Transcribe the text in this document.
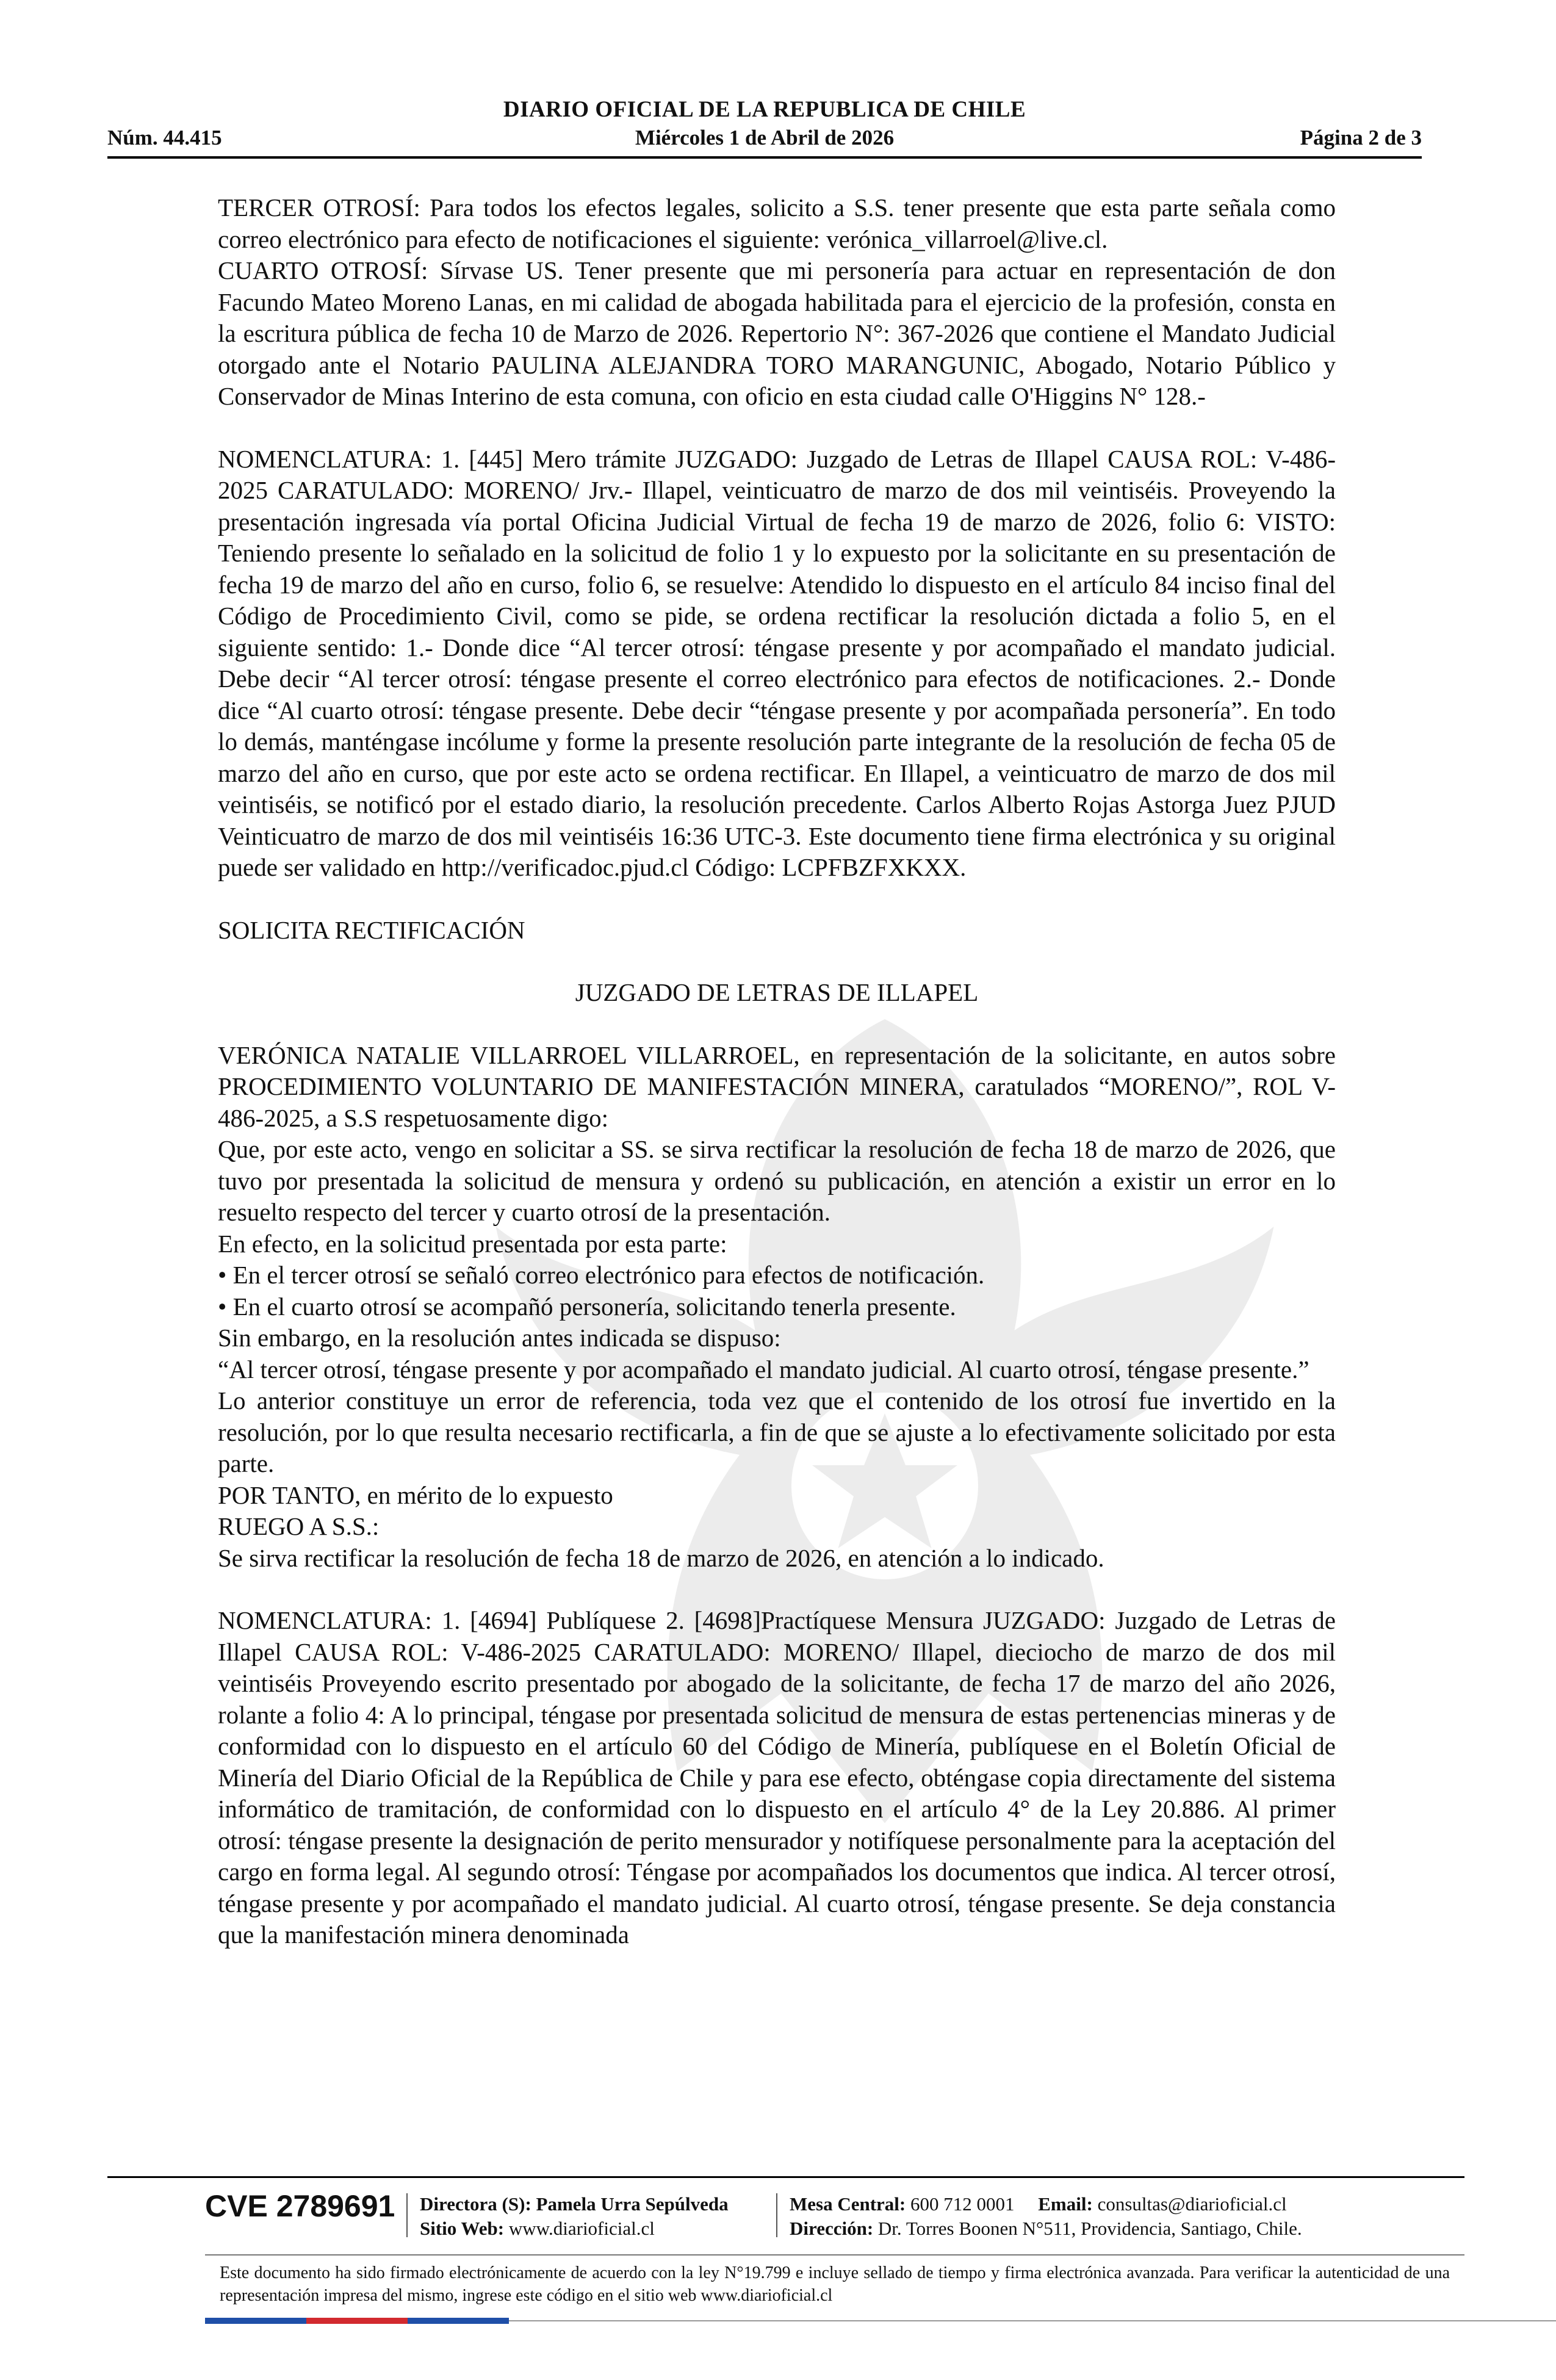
DIARIO OFICIAL DE LA REPUBLICA DE CHILE
Núm. 44.415	Miércoles 1 de Abril de 2026	Página 2 de 3

TERCER OTROSÍ: Para todos los efectos legales, solicito a S.S. tener presente que esta parte señala como correo electrónico para efecto de notificaciones el siguiente: verónica_villarroel@live.cl.

CUARTO OTROSÍ: Sírvase US. Tener presente que mi personería para actuar en representación de don Facundo Mateo Moreno Lanas, en mi calidad de abogada habilitada para el ejercicio de la profesión, consta en la escritura pública de fecha 10 de Marzo de 2026. Repertorio N°: 367-2026 que contiene el Mandato Judicial otorgado ante el Notario PAULINA ALEJANDRA TORO MARANGUNIC, Abogado, Notario Público y Conservador de Minas Interino de esta comuna, con oficio en esta ciudad calle O'Higgins N° 128.-

NOMENCLATURA: 1. [445] Mero trámite JUZGADO: Juzgado de Letras de Illapel CAUSA ROL: V-486-2025 CARATULADO: MORENO/ Jrv.- Illapel, veinticuatro de marzo de dos mil veintiséis. Proveyendo la presentación ingresada vía portal Oficina Judicial Virtual de fecha 19 de marzo de 2026, folio 6: VISTO: Teniendo presente lo señalado en la solicitud de folio 1 y lo expuesto por la solicitante en su presentación de fecha 19 de marzo del año en curso, folio 6, se resuelve: Atendido lo dispuesto en el artículo 84 inciso final del Código de Procedimiento Civil, como se pide, se ordena rectificar la resolución dictada a folio 5, en el siguiente sentido: 1.- Donde dice “Al tercer otrosí: téngase presente y por acompañado el mandato judicial. Debe decir “Al tercer otrosí: téngase presente el correo electrónico para efectos de notificaciones. 2.- Donde dice “Al cuarto otrosí: téngase presente. Debe decir “téngase presente y por acompañada personería”. En todo lo demás, manténgase incólume y forme la presente resolución parte integrante de la resolución de fecha 05 de marzo del año en curso, que por este acto se ordena rectificar. En Illapel, a veinticuatro de marzo de dos mil veintiséis, se notificó por el estado diario, la resolución precedente. Carlos Alberto Rojas Astorga Juez PJUD Veinticuatro de marzo de dos mil veintiséis 16:36 UTC-3. Este documento tiene firma electrónica y su original puede ser validado en http://verificadoc.pjud.cl Código: LCPFBZFXKXX.

SOLICITA RECTIFICACIÓN

JUZGADO DE LETRAS DE ILLAPEL

VERÓNICA NATALIE VILLARROEL VILLARROEL, en representación de la solicitante, en autos sobre PROCEDIMIENTO VOLUNTARIO DE MANIFESTACIÓN MINERA, caratulados “MORENO/”, ROL V-486-2025, a S.S respetuosamente digo:

Que, por este acto, vengo en solicitar a SS. se sirva rectificar la resolución de fecha 18 de marzo de 2026, que tuvo por presentada la solicitud de mensura y ordenó su publicación, en atención a existir un error en lo resuelto respecto del tercer y cuarto otrosí de la presentación.

En efecto, en la solicitud presentada por esta parte:

• En el tercer otrosí se señaló correo electrónico para efectos de notificación.

• En el cuarto otrosí se acompañó personería, solicitando tenerla presente.

Sin embargo, en la resolución antes indicada se dispuso:

“Al tercer otrosí, téngase presente y por acompañado el mandato judicial. Al cuarto otrosí, téngase presente.”

Lo anterior constituye un error de referencia, toda vez que el contenido de los otrosí fue invertido en la resolución, por lo que resulta necesario rectificarla, a fin de que se ajuste a lo efectivamente solicitado por esta parte.

POR TANTO, en mérito de lo expuesto

RUEGO A S.S.:

Se sirva rectificar la resolución de fecha 18 de marzo de 2026, en atención a lo indicado.

NOMENCLATURA: 1. [4694] Publíquese 2. [4698]Practíquese Mensura JUZGADO: Juzgado de Letras de Illapel CAUSA ROL: V-486-2025 CARATULADO: MORENO/ Illapel, dieciocho de marzo de dos mil veintiséis Proveyendo escrito presentado por abogado de la solicitante, de fecha 17 de marzo del año 2026, rolante a folio 4: A lo principal, téngase por presentada solicitud de mensura de estas pertenencias mineras y de conformidad con lo dispuesto en el artículo 60 del Código de Minería, publíquese en el Boletín Oficial de Minería del Diario Oficial de la República de Chile y para ese efecto, obténgase copia directamente del sistema informático de tramitación, de conformidad con lo dispuesto en el artículo 4° de la Ley 20.886. Al primer otrosí: téngase presente la designación de perito mensurador y notifíquese personalmente para la aceptación del cargo en forma legal. Al segundo otrosí: Téngase por acompañados los documentos que indica. Al tercer otrosí, téngase presente y por acompañado el mandato judicial. Al cuarto otrosí, téngase presente. Se deja constancia que la manifestación minera denominada

CVE 2789691 Directora (S): Pamela Urra Sepúlveda
Sitio Web: www.diarioficial.cl
Mesa Central: 600 712 0001 Email: consultas@diarioficial.cl
Dirección: Dr. Torres Boonen N°511, Providencia, Santiago, Chile.
Este documento ha sido firmado electrónicamente de acuerdo con la ley N°19.799 e incluye sellado de tiempo y firma electrónica avanzada. Para verificar la autenticidad de una representación impresa del mismo, ingrese este código en el sitio web www.diarioficial.cl
